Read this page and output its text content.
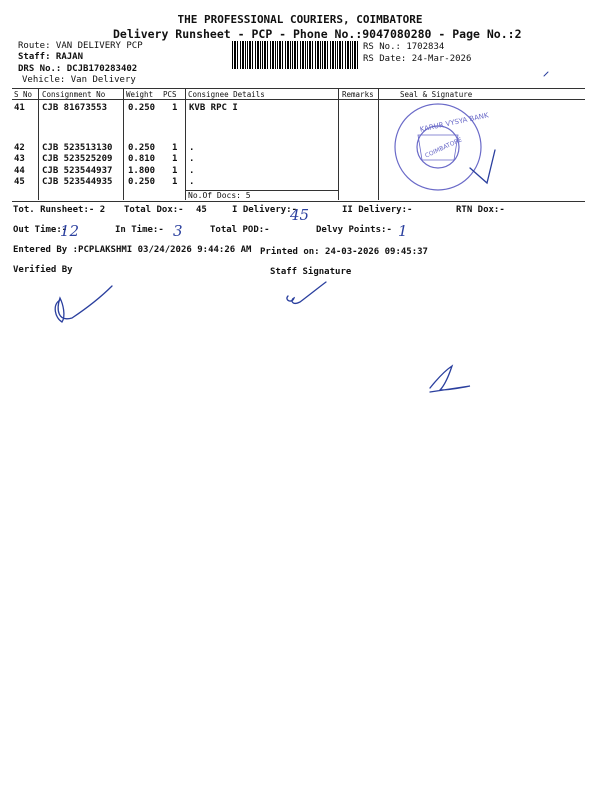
THE PROFESSIONAL COURIERS, COIMBATORE
Delivery Runsheet - PCP - Phone No.:9047080280 - Page No.:2
Route: VAN DELIVERY PCP
Staff: RAJAN
DRS No.: DCJB170283402
Vehicle: Van Delivery
RS No.: 1702834
RS Date: 24-Mar-2026
S No Consignment No	Weight PCS Consignee Details	Remarks	Seal & Signature
41 CJB 81673553 0.250 1 KVB RPC I
42 CJB 523513130 0.250 1 .
43 CJB 523525209 0.810 1 .
44 CJB 523544937 1.800 1 .
45 CJB 523544935 0.250 1 .
No.Of Docs: 5
Tot. Runsheet:- 2 Total Dox:- 45	I Delivery:-	II Delivery:-	RTN Dox:-
Out Time:-	In Time:-	Total POD:-	Delvy Points:-
Entered By :PCPLAKSHMI 03/24/2026 9:44:26 AM Printed on: 24-03-2026 09:45:37
Verified By	Staff Signature
KARUR VYSYA BANK
COIMBATORE
45
12	3	1
